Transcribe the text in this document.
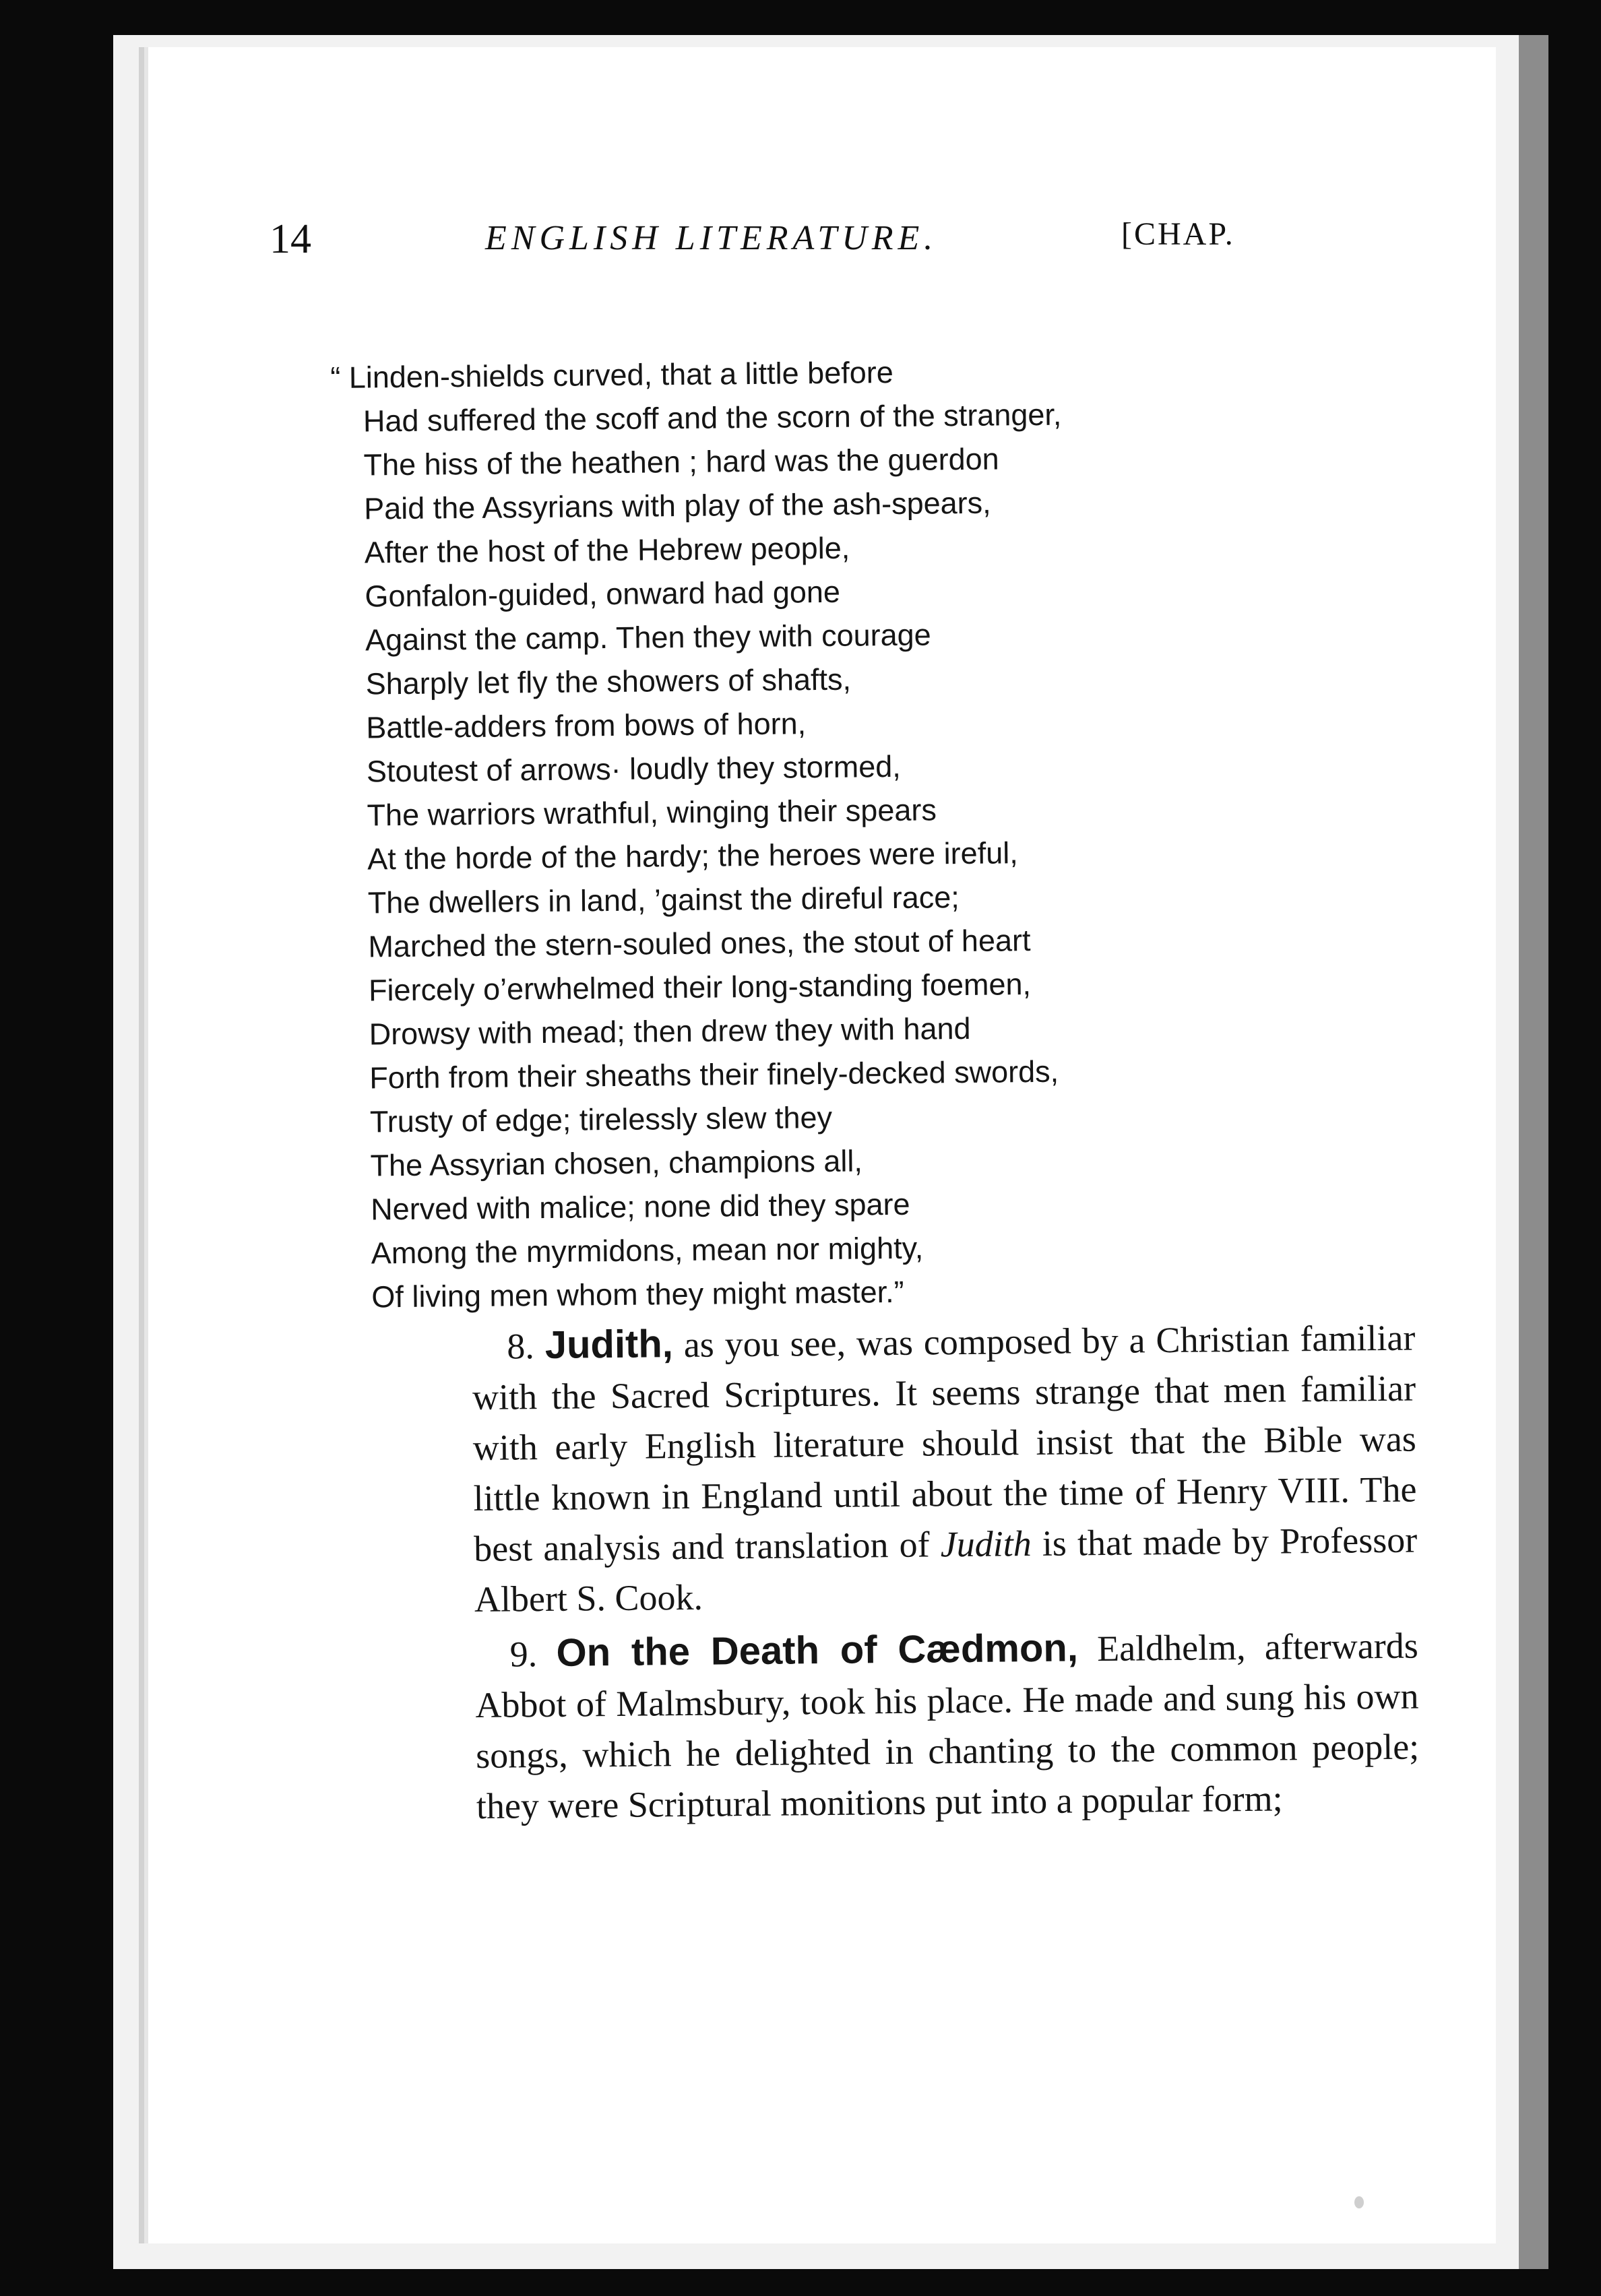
14	ENGLISH LITERATURE.	[CHAP.
“ Linden-shields curved, that a little before
Had suffered the scoff and the scorn of the stranger,
The hiss of the heathen ; hard was the guerdon
Paid the Assyrians with play of the ash-spears,
After the host of the Hebrew people,
Gonfalon-guided, onward had gone
Against the camp. Then they with courage
Sharply let fly the showers of shafts,
Battle-adders from bows of horn,
Stoutest of arrows· loudly they stormed,
The warriors wrathful, winging their spears
At the horde of the hardy; the heroes were ireful,
The dwellers in land, ’gainst the direful race;
Marched the stern-souled ones, the stout of heart
Fiercely o’erwhelmed their long-standing foemen,
Drowsy with mead; then drew they with hand
Forth from their sheaths their finely-decked swords,
Trusty of edge; tirelessly slew they
The Assyrian chosen, champions all,
Nerved with malice; none did they spare
Among the myrmidons, mean nor mighty,
Of living men whom they might master.”

8. Judith, as you see, was composed by a Christian familiar with the Sacred Scriptures. It seems strange that men familiar with early English literature should insist that the Bible was little known in England until about the time of Henry VIII. The best analysis and translation of Judith is that made by Professor Albert S. Cook.

9. On the Death of Cædmon, Ealdhelm, afterwards Abbot of Malmsbury, took his place. He made and sung his own songs, which he delighted in chanting to the common people; they were Scriptural monitions put into a popular form;
